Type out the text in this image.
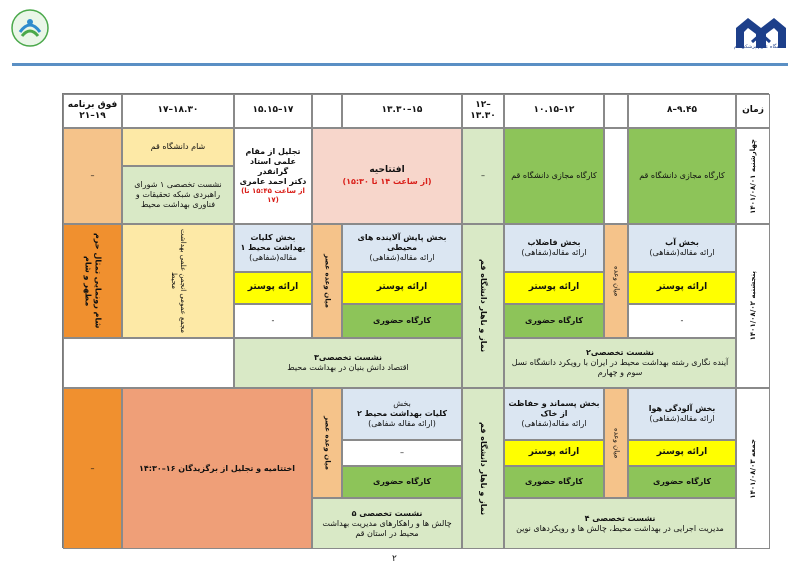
دانشگاه علوم پزشکی قم
زمان
۸–۹.۴۵
۱۰.۱۵–۱۲
۱۲– ۱۳.۳۰
۱۳.۳۰–۱۵
۱۵.۱۵–۱۷
۱۷–۱۸.۳۰
فوق برنامه ۱۹–۲۱
چهارشنبه ۱۴۰۱/۰۸/۰۱
کارگاه مجازی دانشگاه قم
کارگاه مجازی دانشگاه قم
–
افتتاحیه
(از ساعت ۱۴ تا ۱۵:۳۰)
تجلیل از مقام علمی استاد گرانقدر
دکتر احمد عامری
(از ساعت ۱۵:۴۵ تا ۱۷)
شام دانشگاه قم
نشست تخصصی ۱ شورای راهبردی شبکه تحقیقات و فناوری بهداشت محیط
–
پنجشنبه ۱۴۰۱/۰۸/۰۲
بخش آب
ارائه مقاله(شفاهی)
ارائه پوستر
-
میان وعده
بخش فاضلاب
ارائه مقاله(شفاهی)
ارائه پوستر
کارگاه حضوری
نماز و ناهار دانشگاه قم
بخش پایش آلاینده های محیطی
ارائه مقاله(شفاهی)
ارائه پوستر
کارگاه حضوری
میان وعده عصر
بخش کلیات بهداشت محیط ۱
مقاله(شفاهی)
ارائه پوستر
-
مجمع عمومی انجمن علمی بهداشت محیط
شام رونمایی تمثال حرم مطهر و شام
نشست تخصصی۲
آینده نگاری رشته بهداشت محیط در ایران با رویکرد دانشگاه نسل سوم و چهارم
نشست تخصصی۳
اقتصاد دانش بنیان در بهداشت محیط
جمعه ۱۴۰۱/۰۸/۰۳
بخش آلودگی هوا
ارائه مقاله(شفاهی)
ارائه پوستر
کارگاه حضوری
میان وعده
بخش پسماند و حفاظت از خاک
ارائه مقاله(شفاهی)
ارائه پوستر
کارگاه حضوری
نماز و ناهار دانشگاه قم
بخش
کلیات بهداشت محیط ۲
(ارائه مقاله شفاهی)
–
کارگاه حضوری
میان وعده عصر
اختتامیه و تجلیل از برگزیدگان ۱۶–۱۴:۳۰
–
نشست تخصصی ۴
مدیریت اجرایی در بهداشت محیط، چالش ها و رویکردهای نوین
نشست تخصصی ۵
چالش ها و راهکارهای مدیریت بهداشت محیط در استان قم
۲
